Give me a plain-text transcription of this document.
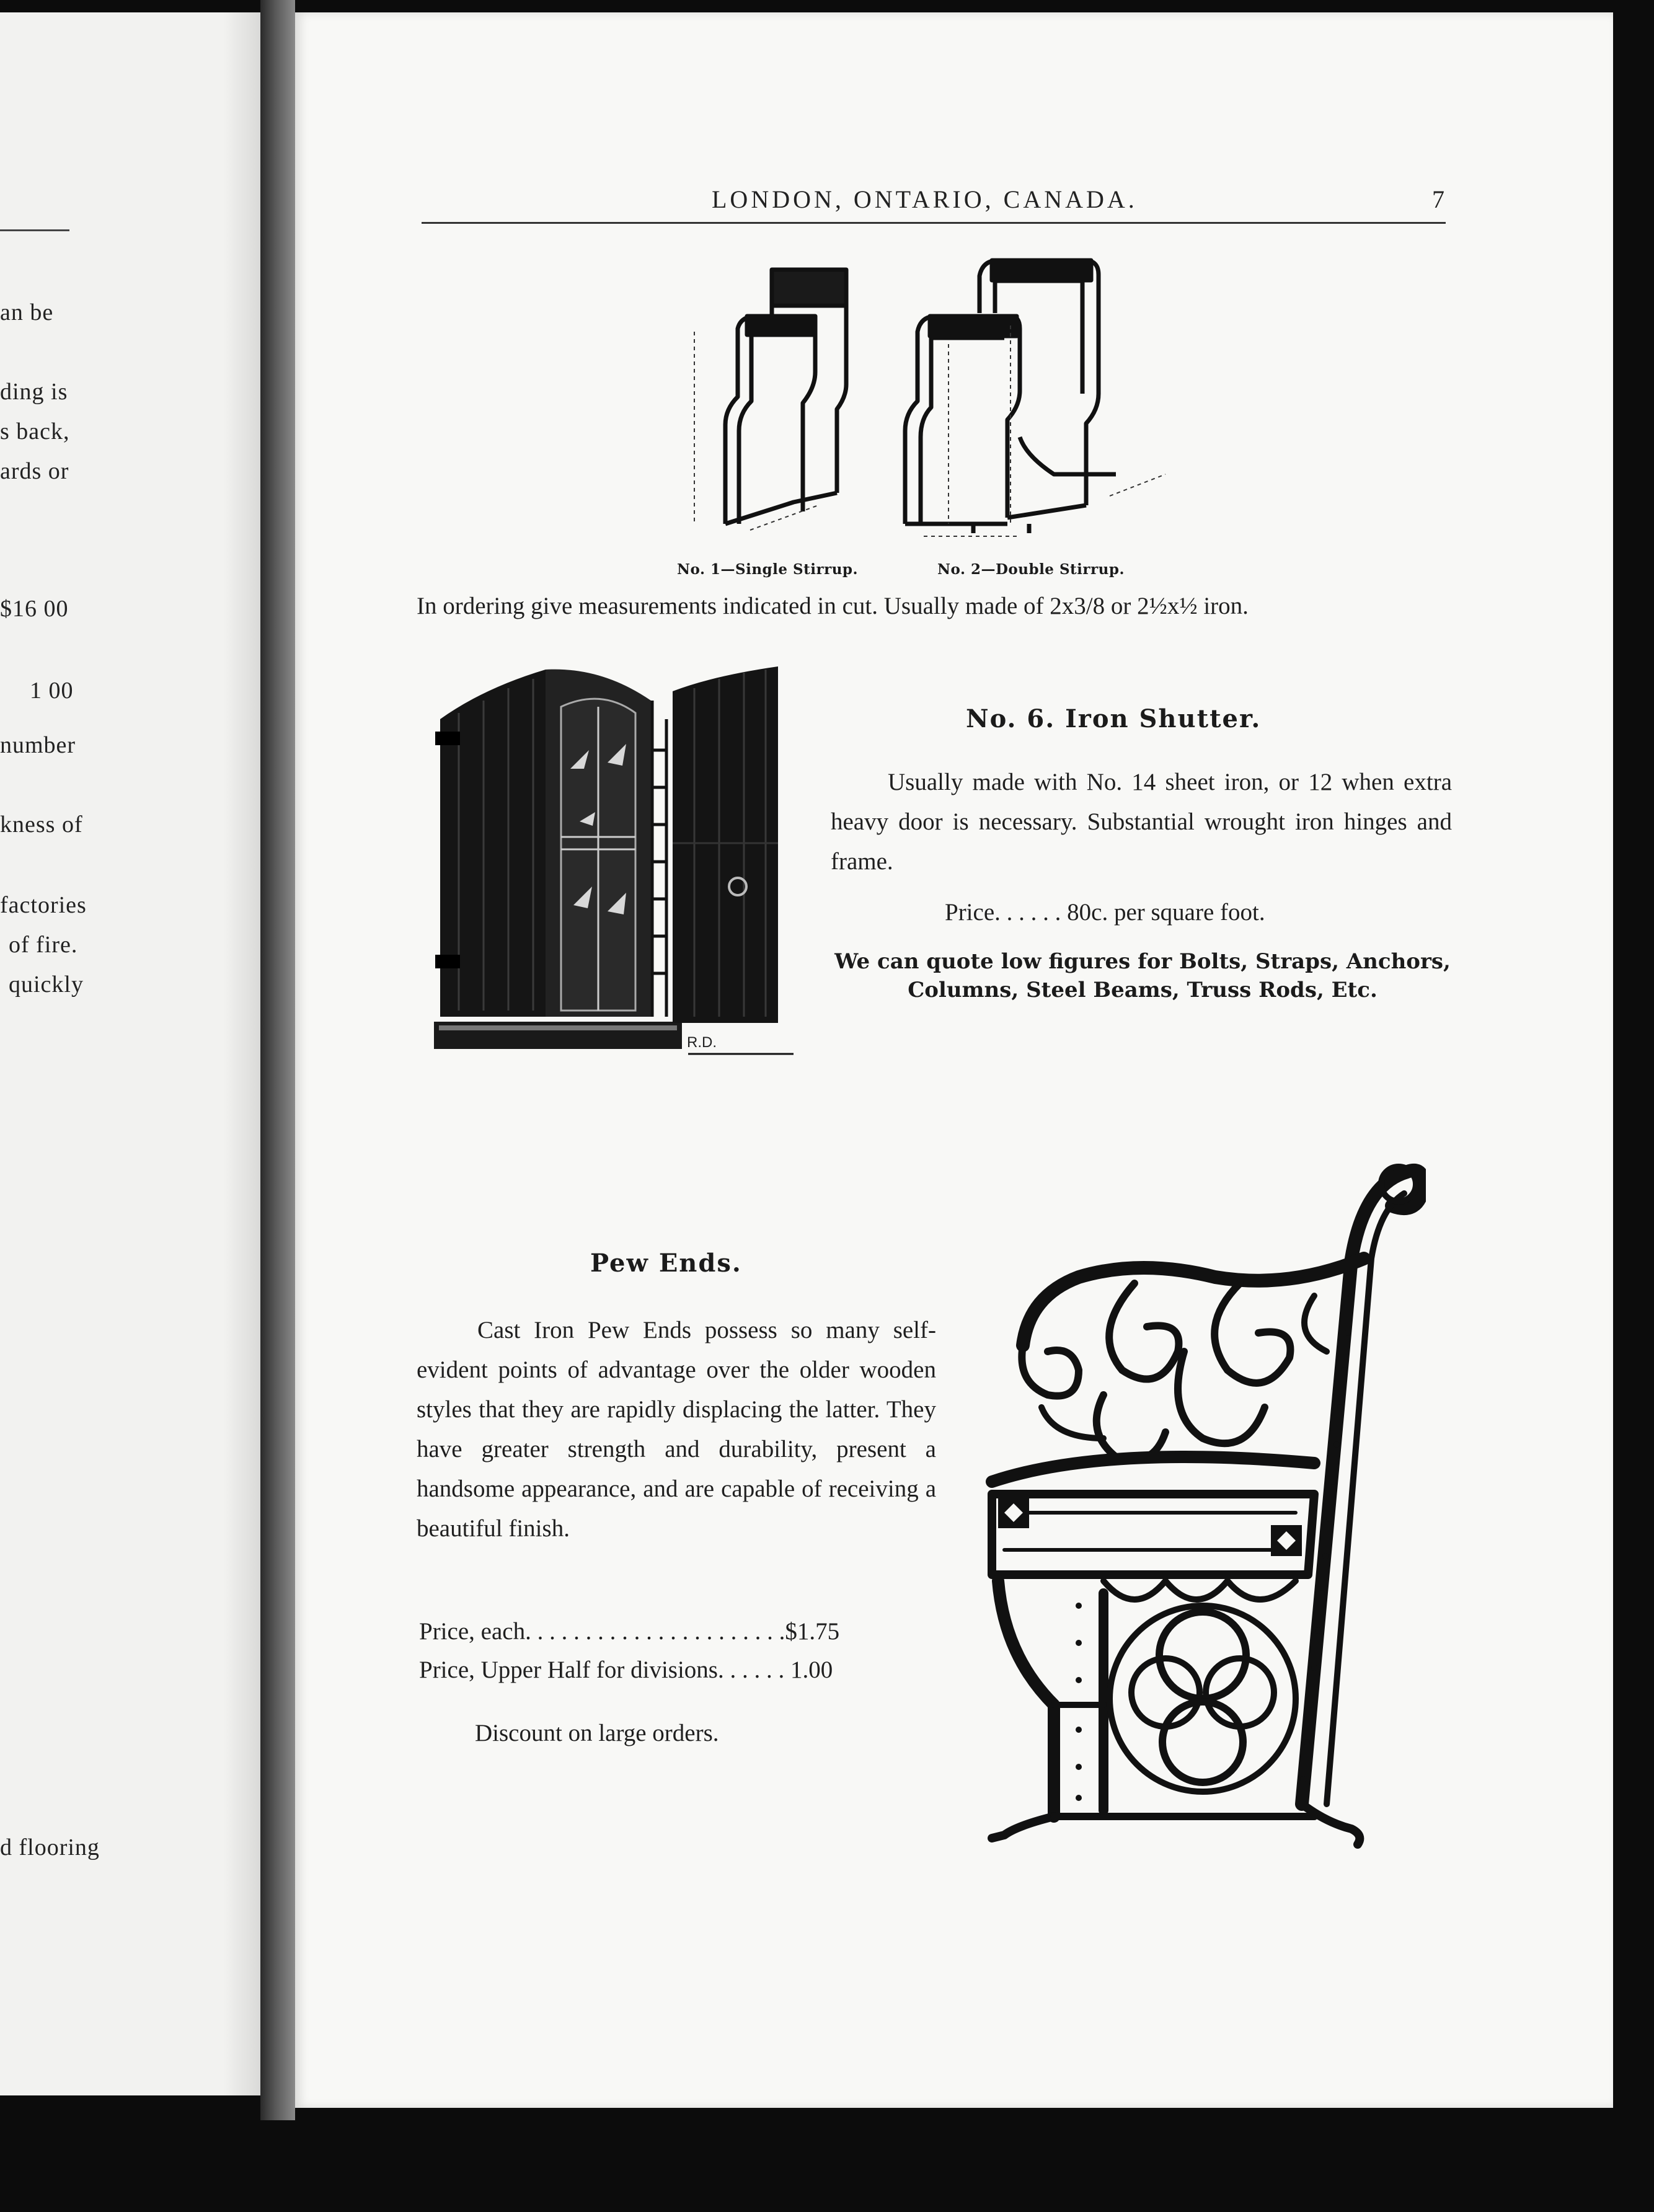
an be
ding is
s back,
ards or
$16 00
1 00
number
kness of
factories
of fire.
quickly
d flooring
LONDON, ONTARIO, CANADA.	7
No. 1—Single Stirrup.	No. 2—Double Stirrup.
In ordering give measurements indicated in cut. Usually made of 2x3/8 or 2½x½ iron.
R.D.
No. 6. Iron Shutter.
Usually made with No. 14 sheet iron, or 12 when extra heavy door is necessary. Substantial wrought iron hinges and frame.
Price. . . . . . 80c. per square foot.
We can quote low figures for Bolts, Straps, Anchors, Columns, Steel Beams, Truss Rods, Etc.
Pew Ends.
Cast Iron Pew Ends possess so many self-evident points of advantage over the older wooden styles that they are rapidly displacing the latter. They have greater strength and durability, present a handsome appearance, and are capable of receiving a beautiful finish.
Price, each. . . . . . . . . . . . . . . . . . . . . .$1.75
Price, Upper Half for divisions. . . . . . 1.00
Discount on large orders.
